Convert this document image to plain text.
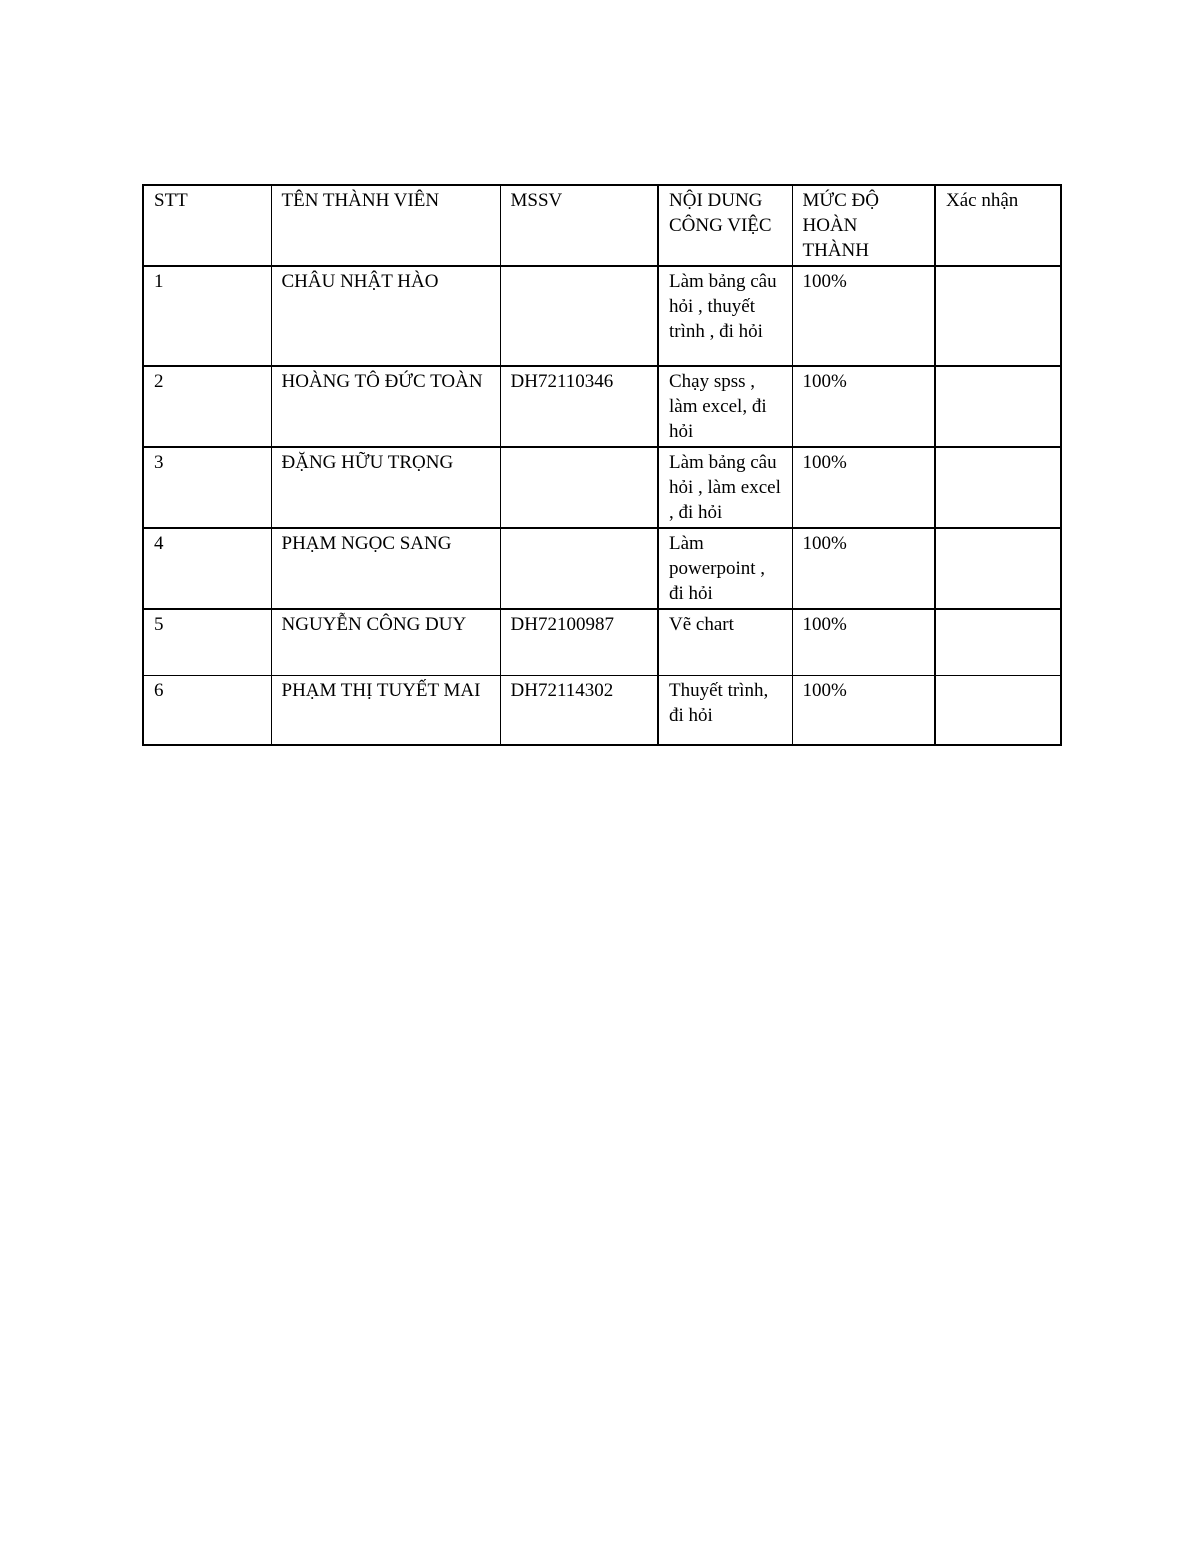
STT	TÊN THÀNH VIÊN	MSSV	NỘI DUNG CÔNG VIỆC	MỨC ĐỘ HOÀN THÀNH	Xác nhận
1	CHÂU NHẬT HÀO		Làm bảng câu hỏi , thuyết trình , đi hỏi	100%	
2	HOÀNG TÔ ĐỨC TOÀN	DH72110346	Chạy spss , làm excel, đi hỏi	100%	
3	ĐẶNG HỮU TRỌNG		Làm bảng câu hỏi , làm excel , đi hỏi	100%	
4	PHẠM NGỌC SANG		Làm powerpoint , đi hỏi	100%	
5	NGUYỄN CÔNG DUY	DH72100987	Vẽ chart	100%	
6	PHẠM THỊ TUYẾT MAI	DH72114302	Thuyết trình, đi hỏi	100%	
